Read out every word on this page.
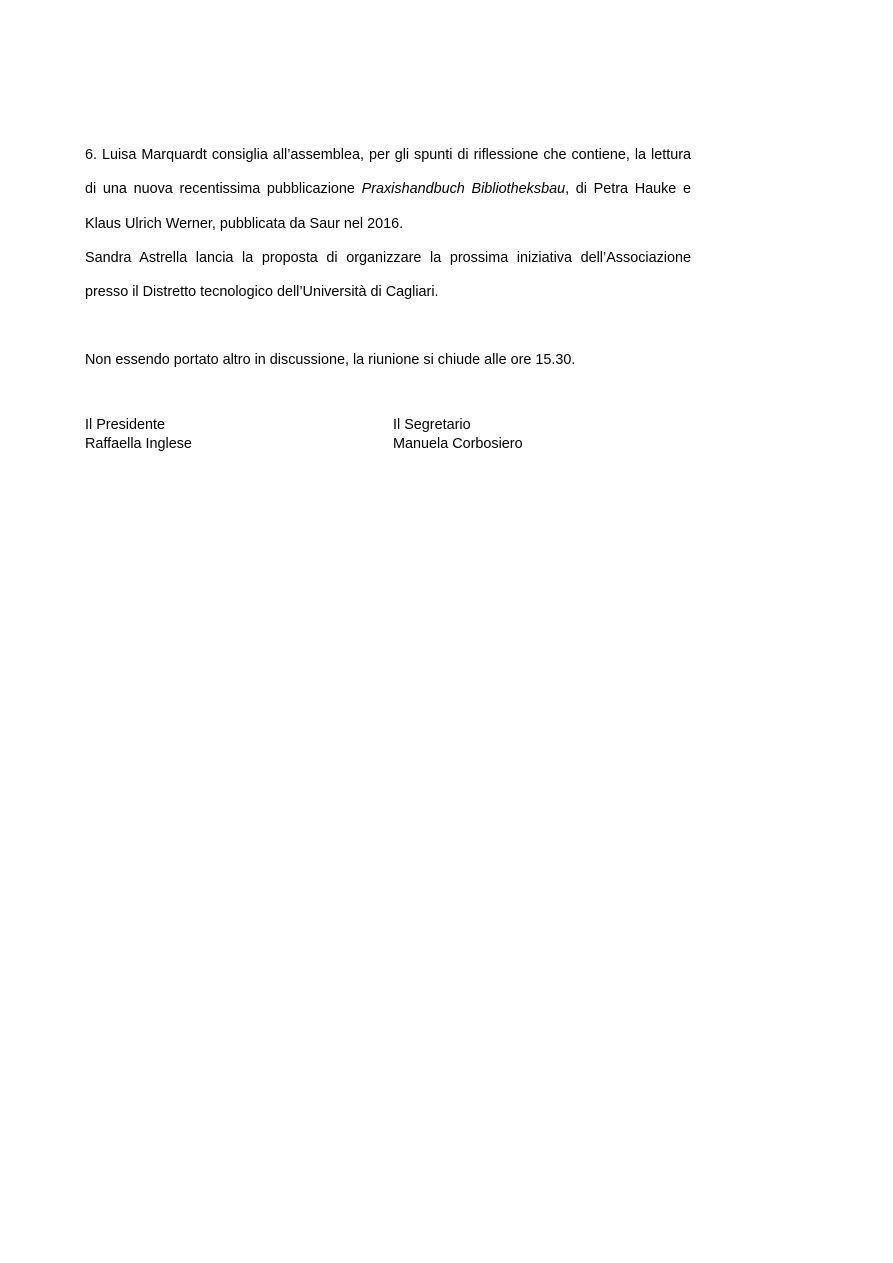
6. Luisa Marquardt consiglia all’assemblea, per gli spunti di riflessione che contiene, la lettura di una nuova recentissima pubblicazione Praxishandbuch Bibliotheksbau, di Petra Hauke e Klaus Ulrich Werner, pubblicata da Saur nel 2016.

Sandra Astrella lancia la proposta di organizzare la prossima iniziativa dell’Associazione presso il Distretto tecnologico dell’Università di Cagliari.

Non essendo portato altro in discussione, la riunione si chiude alle ore 15.30.

Il Presidente
Raffaella Inglese
Il Segretario
Manuela Corbosiero
